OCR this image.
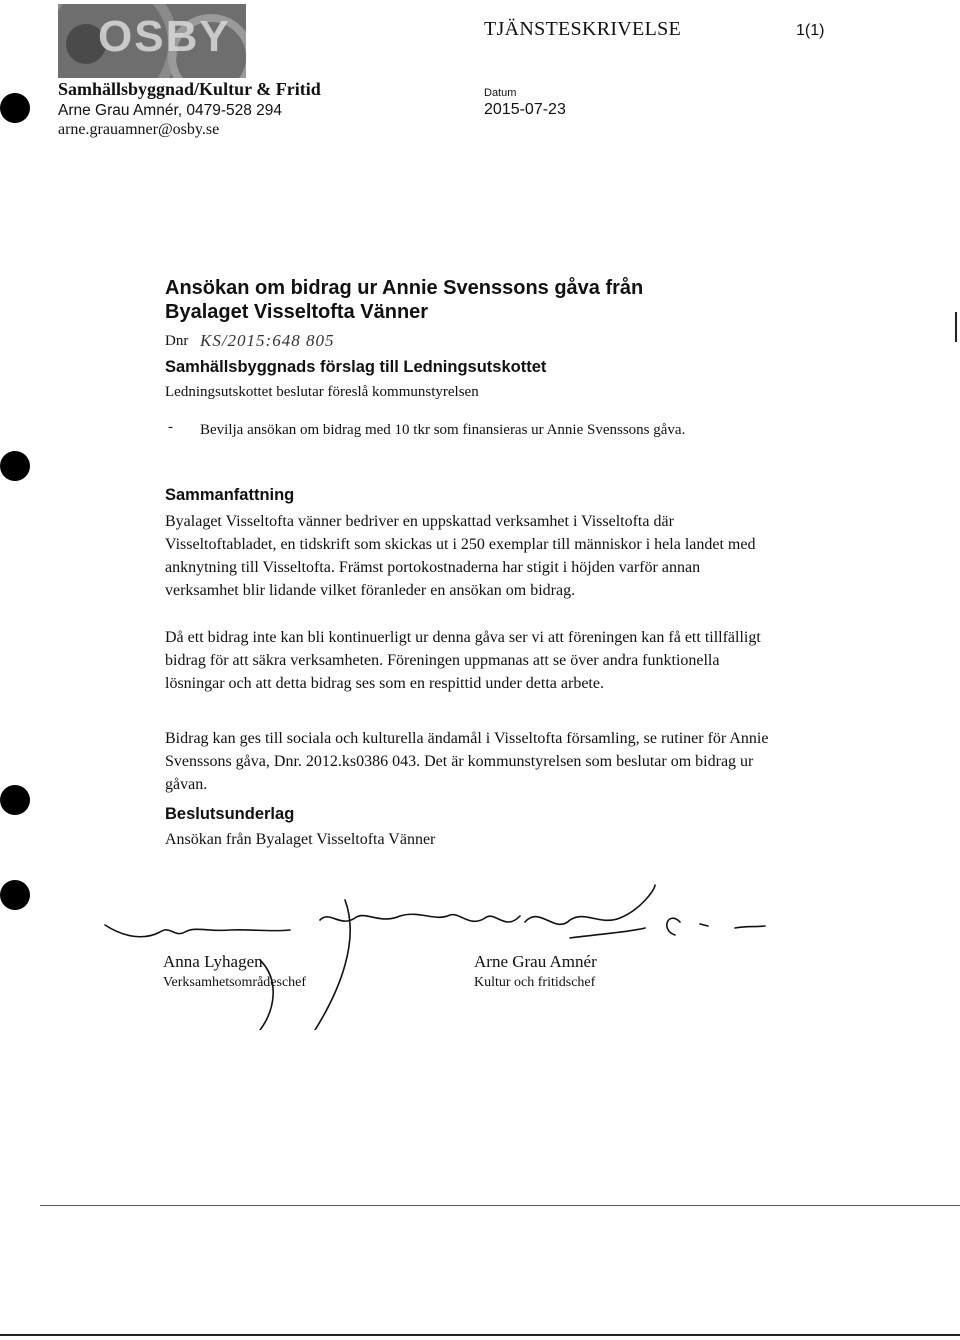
OSBY	TJÄNSTESKRIVELSE	1(1)
Samhällsbyggnad/Kultur & Fritid
Arne Grau Amnér, 0479-528 294
arne.grauamner@osby.se
Datum
2015-07-23
Ansökan om bidrag ur Annie Svenssons gåva från
Byalaget Visseltofta Vänner
Dnr KS/2015:648 805
Samhällsbyggnads förslag till Ledningsutskottet
Ledningsutskottet beslutar föreslå kommunstyrelsen
- Bevilja ansökan om bidrag med 10 tkr som finansieras ur Annie Svenssons gåva.
Sammanfattning
Byalaget Visseltofta vänner bedriver en uppskattad verksamhet i Visseltofta där Visseltoftabladet, en tidskrift som skickas ut i 250 exemplar till människor i hela landet med anknytning till Visseltofta. Främst portokostnaderna har stigit i höjden varför annan verksamhet blir lidande vilket föranleder en ansökan om bidrag.
Då ett bidrag inte kan bli kontinuerligt ur denna gåva ser vi att föreningen kan få ett tillfälligt bidrag för att säkra verksamheten. Föreningen uppmanas att se över andra funktionella lösningar och att detta bidrag ses som en respittid under detta arbete.
Bidrag kan ges till sociala och kulturella ändamål i Visseltofta församling, se rutiner för Annie Svenssons gåva, Dnr. 2012.ks0386 043. Det är kommunstyrelsen som beslutar om bidrag ur gåvan.
Beslutsunderlag
Ansökan från Byalaget Visseltofta Vänner
Anna Lyhagen
Verksamhetsområdeschef
Arne Grau Amnér
Kultur och fritidschef
